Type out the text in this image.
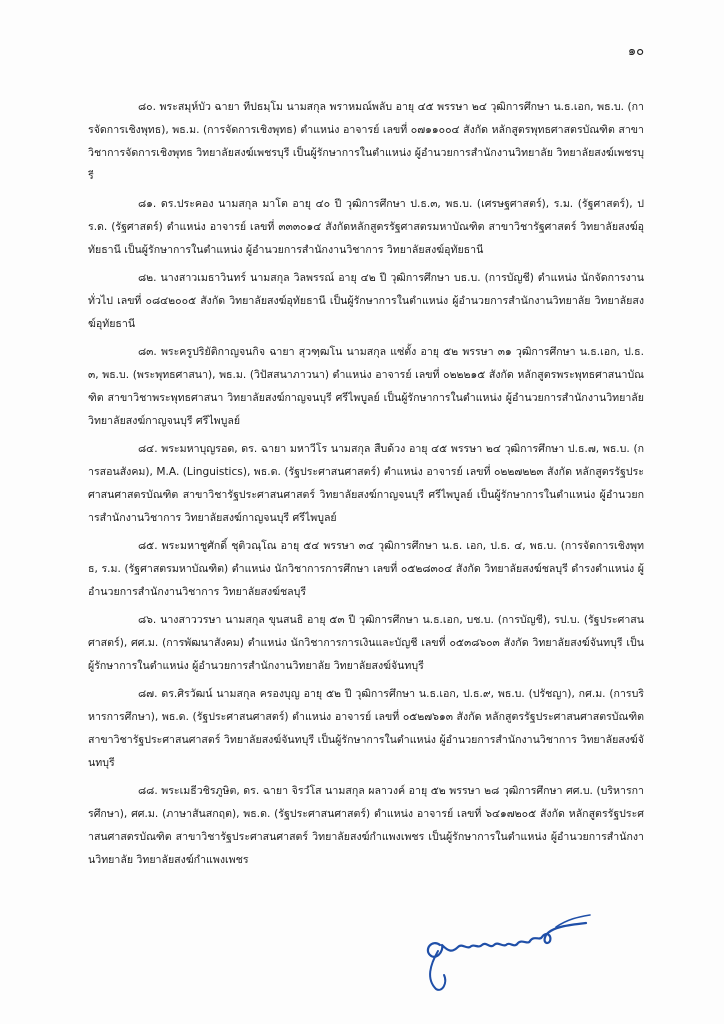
๑๐

๘๐. พระสมุห์บัว ฉายา ทีปธมฺโม นามสกุล พราหมณ์พลับ อายุ ๔๕ พรรษา ๒๔ วุฒิการศึกษา น.ธ.เอก, พธ.บ. (การจัดการเชิงพุทธ), พธ.ม. (การจัดการเชิงพุทธ) ตำแหน่ง อาจารย์ เลขที่ ๐๗๑๑๐๐๔ สังกัด หลักสูตรพุทธศาสตรบัณฑิต สาขาวิชาการจัดการเชิงพุทธ วิทยาลัยสงฆ์เพชรบุรี เป็นผู้รักษาการในตำแหน่ง ผู้อำนวยการสำนักงานวิทยาลัย วิทยาลัยสงฆ์เพชรบุรี

๘๑. ดร.ประคอง นามสกุล มาโต อายุ ๔๐ ปี วุฒิการศึกษา ป.ธ.๓, พธ.บ. (เศรษฐศาสตร์), ร.ม. (รัฐศาสตร์), ปร.ด. (รัฐศาสตร์) ตำแหน่ง อาจารย์ เลขที่ ๓๓๓๐๑๔ สังกัดหลักสูตรรัฐศาสตรมหาบัณฑิต สาขาวิชารัฐศาสตร์ วิทยาลัยสงฆ์อุทัยธานี เป็นผู้รักษาการในตำแหน่ง ผู้อำนวยการสำนักงานวิชาการ วิทยาลัยสงฆ์อุทัยธานี

๘๒. นางสาวเมธาวินทร์ นามสกุล วิลพรรณ์ อายุ ๔๒ ปี วุฒิการศึกษา บธ.บ. (การบัญชี) ตำแหน่ง นักจัดการงานทั่วไป เลขที่ ๐๘๔๒๐๐๕ สังกัด วิทยาลัยสงฆ์อุทัยธานี เป็นผู้รักษาการในตำแหน่ง ผู้อำนวยการสำนักงานวิทยาลัย วิทยาลัยสงฆ์อุทัยธานี

๘๓. พระครูปริยัติกาญจนกิจ ฉายา สุวฑฺฒโน นามสกุล แซ่ตั้ง อายุ ๕๒ พรรษา ๓๑ วุฒิการศึกษา น.ธ.เอก, ป.ธ.๓, พธ.บ. (พระพุทธศาสนา), พธ.ม. (วิปัสสนาภาวนา) ตำแหน่ง อาจารย์ เลขที่ ๐๒๒๒๑๕ สังกัด หลักสูตรพระพุทธศาสนาบัณฑิต สาขาวิชาพระพุทธศาสนา วิทยาลัยสงฆ์กาญจนบุรี ศรีไพบูลย์ เป็นผู้รักษาการในตำแหน่ง ผู้อำนวยการสำนักงานวิทยาลัย วิทยาลัยสงฆ์กาญจนบุรี ศรีไพบูลย์

๘๔. พระมหาบุญรอด, ดร. ฉายา มหาวีโร นามสกุล สืบด้วง อายุ ๔๕ พรรษา ๒๔ วุฒิการศึกษา ป.ธ.๗, พธ.บ. (การสอนสังคม), M.A. (Linguistics), พธ.ด. (รัฐประศาสนศาสตร์) ตำแหน่ง อาจารย์ เลขที่ ๐๒๒๗๒๒๓ สังกัด หลักสูตรรัฐประศาสนศาสตรบัณฑิต สาขาวิชารัฐประศาสนศาสตร์ วิทยาลัยสงฆ์กาญจนบุรี ศรีไพบูลย์ เป็นผู้รักษาการในตำแหน่ง ผู้อำนวยการสำนักงานวิชาการ วิทยาลัยสงฆ์กาญจนบุรี ศรีไพบูลย์

๘๕. พระมหาชูศักดิ์ ชุติวณฺโณ อายุ ๕๔ พรรษา ๓๔ วุฒิการศึกษา น.ธ. เอก, ป.ธ. ๔, พธ.บ. (การจัดการเชิงพุทธ, ร.ม. (รัฐศาสตรมหาบัณฑิต) ตำแหน่ง นักวิชาการการศึกษา เลขที่ ๐๕๒๘๓๐๔ สังกัด วิทยาลัยสงฆ์ชลบุรี ดำรงตำแหน่ง ผู้อำนวยการสำนักงานวิชาการ วิทยาลัยสงฆ์ชลบุรี

๘๖. นางสาววรษา นามสกุล ขุนสนธิ อายุ ๕๓ ปี วุฒิการศึกษา น.ธ.เอก, บช.บ. (การบัญชี), รป.บ. (รัฐประศาสนศาสตร์), ศศ.ม. (การพัฒนาสังคม) ตำแหน่ง นักวิชาการการเงินและบัญชี เลขที่ ๐๕๓๘๖๐๓ สังกัด วิทยาลัยสงฆ์จันทบุรี เป็นผู้รักษาการในตำแหน่ง ผู้อำนวยการสำนักงานวิทยาลัย วิทยาลัยสงฆ์จันทบุรี

๘๗. ดร.ศิรวัฒน์ นามสกุล ครองบุญ อายุ ๕๒ ปี วุฒิการศึกษา น.ธ.เอก, ป.ธ.๙, พธ.บ. (ปรัชญา), กศ.ม. (การบริหารการศึกษา), พธ.ด. (รัฐประศาสนศาสตร์) ตำแหน่ง อาจารย์ เลขที่ ๐๕๒๗๖๑๓ สังกัด หลักสูตรรัฐประศาสนศาสตรบัณฑิต สาขาวิชารัฐประศาสนศาสตร์ วิทยาลัยสงฆ์จันทบุรี เป็นผู้รักษาการในตำแหน่ง ผู้อำนวยการสำนักงานวิชาการ วิทยาลัยสงฆ์จันทบุรี

๘๘. พระเมธีวชิรภูษิต, ดร. ฉายา จิรวํโส นามสกุล ผลาวงค์ อายุ ๕๒ พรรษา ๒๘ วุฒิการศึกษา ศศ.บ. (บริหารการศึกษา), ศศ.ม. (ภาษาสันสกฤต), พธ.ด. (รัฐประศาสนศาสตร์) ตำแหน่ง อาจารย์ เลขที่ ๖๔๑๗๒๐๕ สังกัด หลักสูตรรัฐประศาสนศาสตรบัณฑิต สาขาวิชารัฐประศาสนศาสตร์ วิทยาลัยสงฆ์กำแพงเพชร เป็นผู้รักษาการในตำแหน่ง ผู้อำนวยการสำนักงานวิทยาลัย วิทยาลัยสงฆ์กำแพงเพชร
